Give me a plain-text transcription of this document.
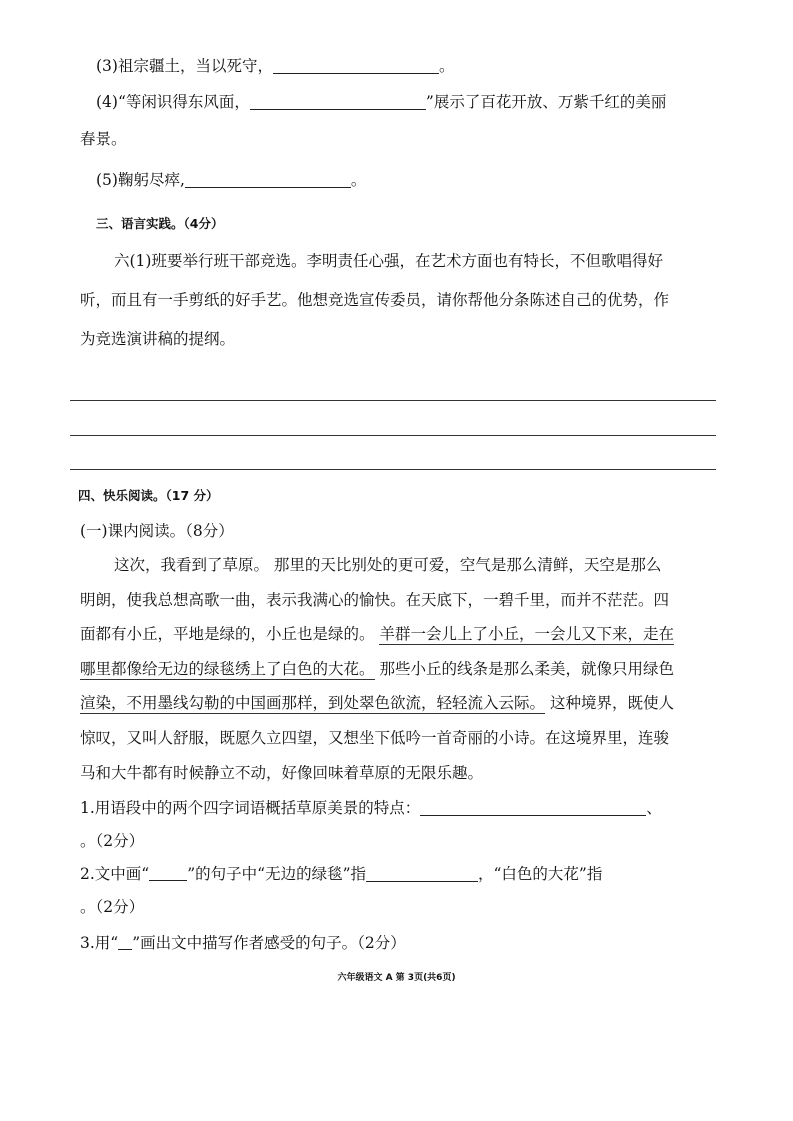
(3)祖宗疆土，当以死守，	。
(4)“等闲识得东风面，	”展示了百花开放、万紫千红的美丽
春景。
(5)鞠躬尽瘁,	。
三、语言实践。（4分）
六(1)班要举行班干部竞选。李明责任心强，在艺术方面也有特长，不但歌唱得好
听，而且有一手剪纸的好手艺。他想竞选宣传委员，请你帮他分条陈述自己的优势，作
为竞选演讲稿的提纲。
四、快乐阅读。（17 分）
(一)课内阅读。（8分）
这次，我看到了草原。 那里的天比别处的更可爱，空气是那么清鲜，天空是那么
明朗，使我总想高歌一曲，表示我满心的愉快。在天底下，一碧千里，而并不茫茫。四
面都有小丘，平地是绿的，小丘也是绿的。 羊群一会儿上了小丘，一会儿又下来，走在
哪里都像给无边的绿毯绣上了白色的大花。 那些小丘的线条是那么柔美，就像只用绿色
渲染，不用墨线勾勒的中国画那样，到处翠色欲流，轻轻流入云际。 这种境界，既使人
惊叹，又叫人舒服，既愿久立四望，又想坐下低吟一首奇丽的小诗。在这境界里，连骏
马和大牛都有时候静立不动，好像回味着草原的无限乐趣。
1.用语段中的两个四字词语概括草原美景的特点：	、
。（2分）
2.文中画“ ”的句子中“无边的绿毯”指	，“白色的大花”指
。（2分）
3.用“ ”画出文中描写作者感受的句子。（2分）
六年级语文 A 第 3页(共6页)
